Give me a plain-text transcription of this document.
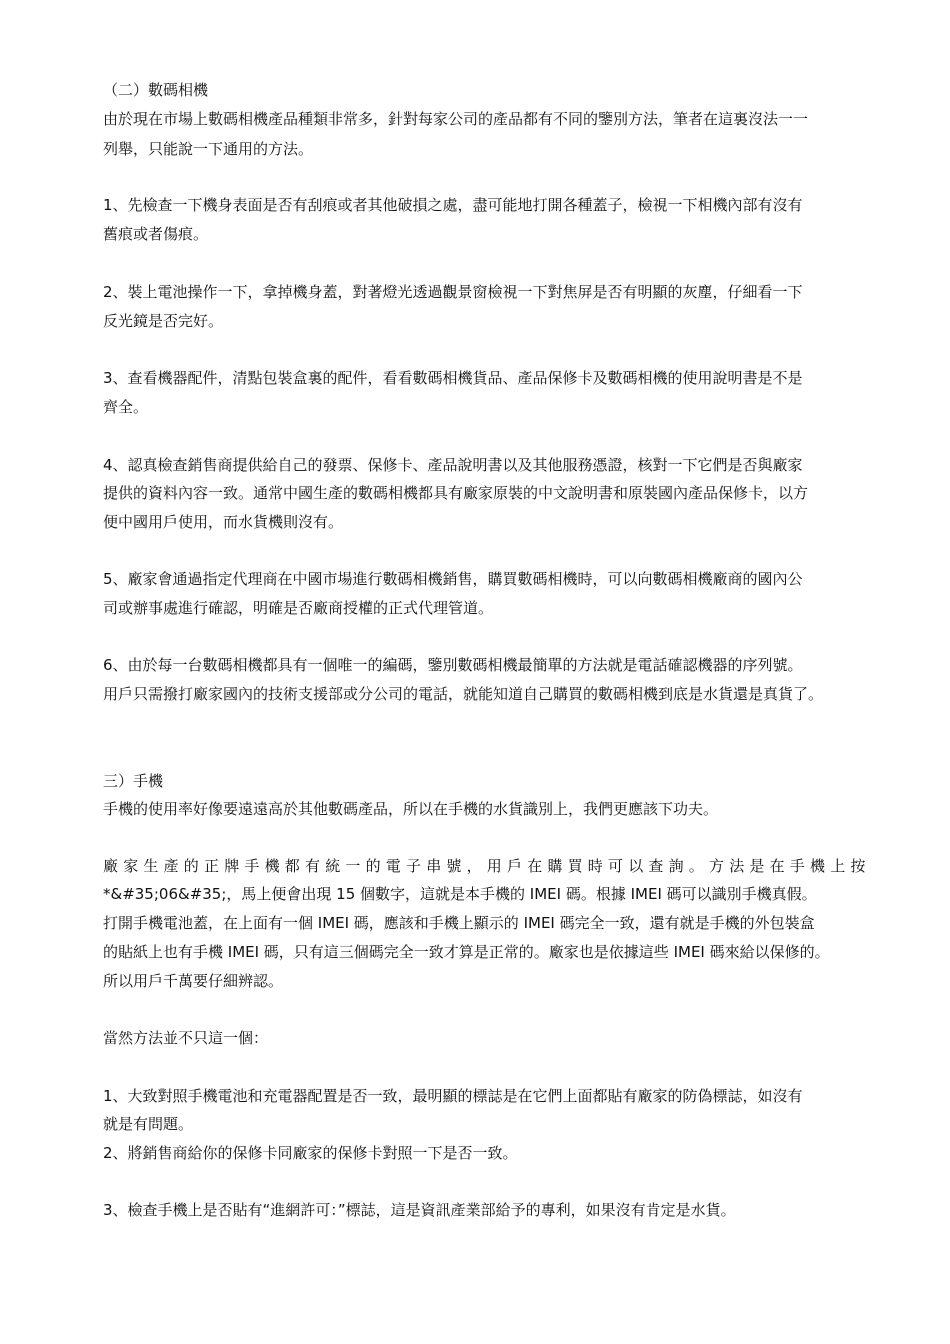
（二）數碼相機
由於現在市場上數碼相機產品種類非常多，針對每家公司的產品都有不同的鑒別方法，筆者在這裏沒法一一
列舉，只能說一下通用的方法。
1、先檢查一下機身表面是否有刮痕或者其他破損之處，盡可能地打開各種蓋子，檢視一下相機內部有沒有
舊痕或者傷痕。
2、裝上電池操作一下，拿掉機身蓋，對著燈光透過觀景窗檢視一下對焦屏是否有明顯的灰塵，仔細看一下
反光鏡是否完好。
3、查看機器配件，清點包裝盒裏的配件，看看數碼相機貨品、產品保修卡及數碼相機的使用說明書是不是
齊全。
4、認真檢查銷售商提供給自己的發票、保修卡、產品說明書以及其他服務憑證，核對一下它們是否與廠家
提供的資料內容一致。通常中國生產的數碼相機都具有廠家原裝的中文說明書和原裝國內產品保修卡，以方
便中國用戶使用，而水貨機則沒有。
5、廠家會通過指定代理商在中國市場進行數碼相機銷售，購買數碼相機時，可以向數碼相機廠商的國內公
司或辦事處進行確認，明確是否廠商授權的正式代理管道。
6、由於每一台數碼相機都具有一個唯一的編碼，鑒別數碼相機最簡單的方法就是電話確認機器的序列號。
用戶只需撥打廠家國內的技術支援部或分公司的電話，就能知道自己購買的數碼相機到底是水貨還是真貨了。
三）手機
手機的使用率好像要遠遠高於其他數碼產品，所以在手機的水貨識別上，我們更應該下功夫。
廠家生產的正牌手機都有統一的電子串號，用戶在購買時可以查詢。方法是在手機上按
*&#35;06&#35;，馬上便會出現 15 個數字，這就是本手機的 IMEI 碼。根據 IMEI 碼可以識別手機真假。
打開手機電池蓋，在上面有一個 IMEI 碼，應該和手機上顯示的 IMEI 碼完全一致，還有就是手機的外包裝盒
的貼紙上也有手機 IMEI 碼，只有這三個碼完全一致才算是正常的。廠家也是依據這些 IMEI 碼來給以保修的。
所以用戶千萬要仔細辨認。
當然方法並不只這一個：
1、大致對照手機電池和充電器配置是否一致，最明顯的標誌是在它們上面都貼有廠家的防偽標誌，如沒有
就是有問題。
2、將銷售商給你的保修卡同廠家的保修卡對照一下是否一致。
3、檢查手機上是否貼有“進網許可：”標誌，這是資訊產業部給予的專利，如果沒有肯定是水貨。
